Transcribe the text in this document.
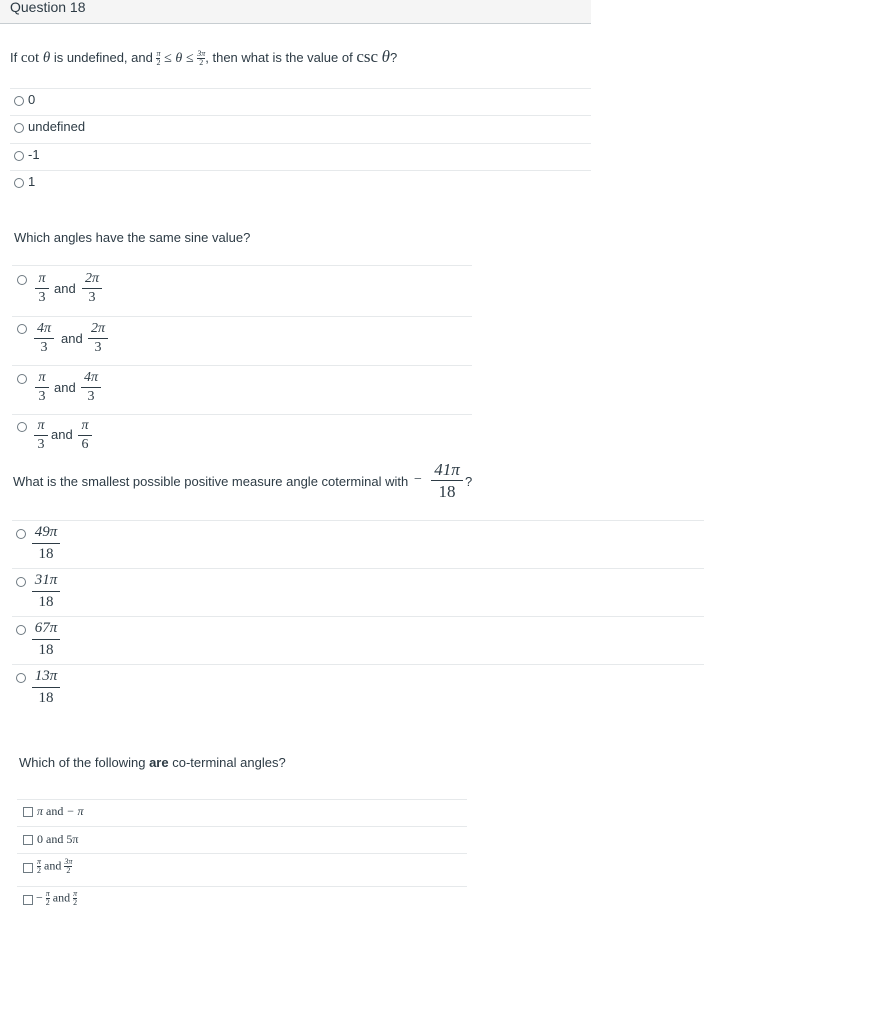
Question 18
If cot θ is undefined, and $\frac{\pi}{2} \le \theta \le \frac{3\pi}{2}$, then what is the value of csc θ?
0
undefined
-1
1
Which angles have the same sine value?
π
3
and
2π
3
4π
3
and
2π
3
π
3
and
4π
3
π
3
and
π
6
What is the smallest possible positive measure angle coterminal with −
41π
18
?
49π
18
31π
18
67π
18
13π
18
Which of the following are co-terminal angles?
π and − π
0 and 5π
$\frac{\pi}{2}$ and $\frac{3\pi}{2}$
− $\frac{\pi}{2}$ and $\frac{\pi}{2}$
